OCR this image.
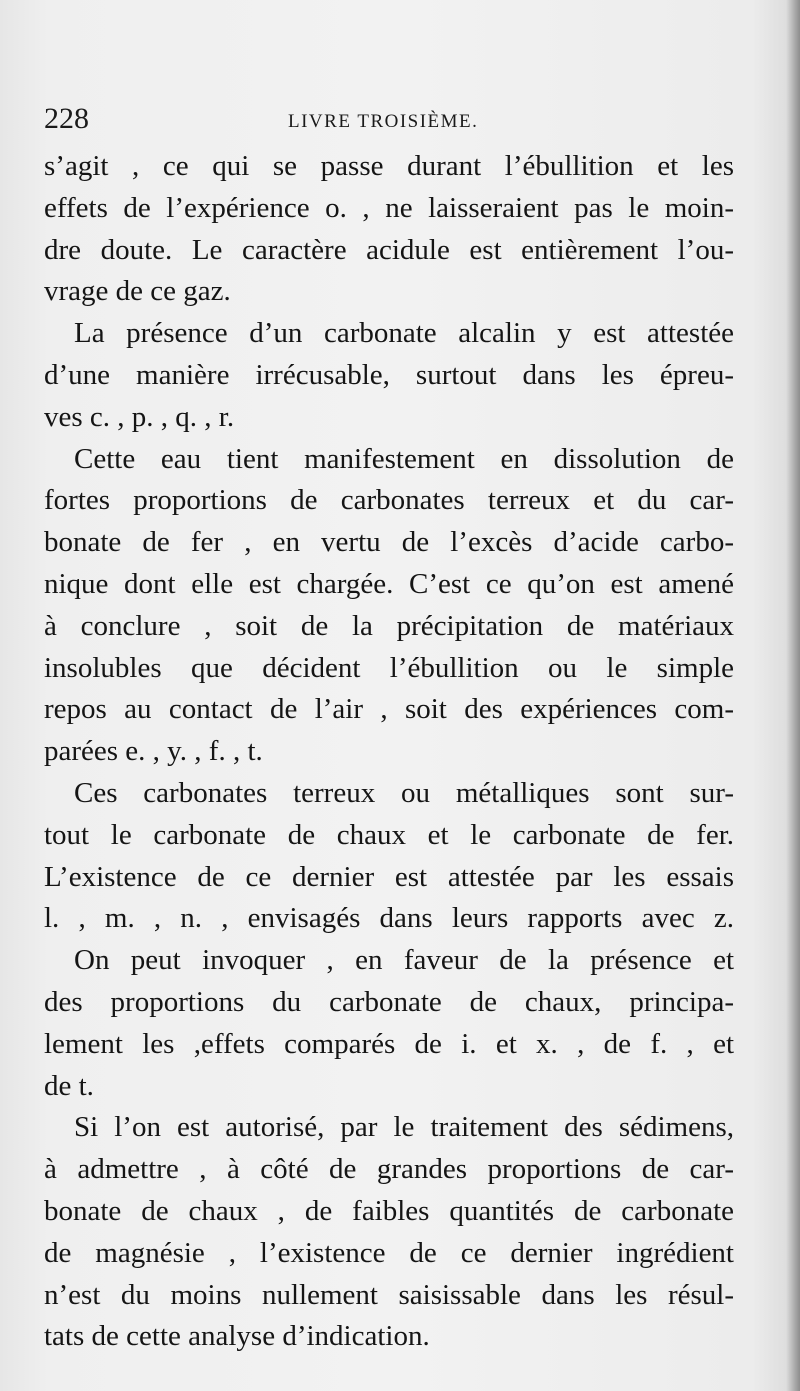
228	LIVRE TROISIÈME.
s’agit , ce qui se passe durant l’ébullition et les
effets de l’expérience o. , ne laisseraient pas le moin-
dre doute. Le caractère acidule est entièrement l’ou-
vrage de ce gaz.
La présence d’un carbonate alcalin y est attestée
d’une manière irrécusable, surtout dans les épreu-
ves c. , p. , q. , r.
Cette eau tient manifestement en dissolution de
fortes proportions de carbonates terreux et du car-
bonate de fer , en vertu de l’excès d’acide carbo-
nique dont elle est chargée. C’est ce qu’on est amené
à conclure , soit de la précipitation de matériaux
insolubles que décident l’ébullition ou le simple
repos au contact de l’air , soit des expériences com-
parées e. , y. , f. , t.
Ces carbonates terreux ou métalliques sont sur-
tout le carbonate de chaux et le carbonate de fer.
L’existence de ce dernier est attestée par les essais
l. , m. , n. , envisagés dans leurs rapports avec z.
On peut invoquer , en faveur de la présence et
des proportions du carbonate de chaux, principa-
lement les ,effets comparés de i. et x. , de f. , et
de t.
Si l’on est autorisé, par le traitement des sédimens,
à admettre , à côté de grandes proportions de car-
bonate de chaux , de faibles quantités de carbonate
de magnésie , l’existence de ce dernier ingrédient
n’est du moins nullement saisissable dans les résul-
tats de cette analyse d’indication.
